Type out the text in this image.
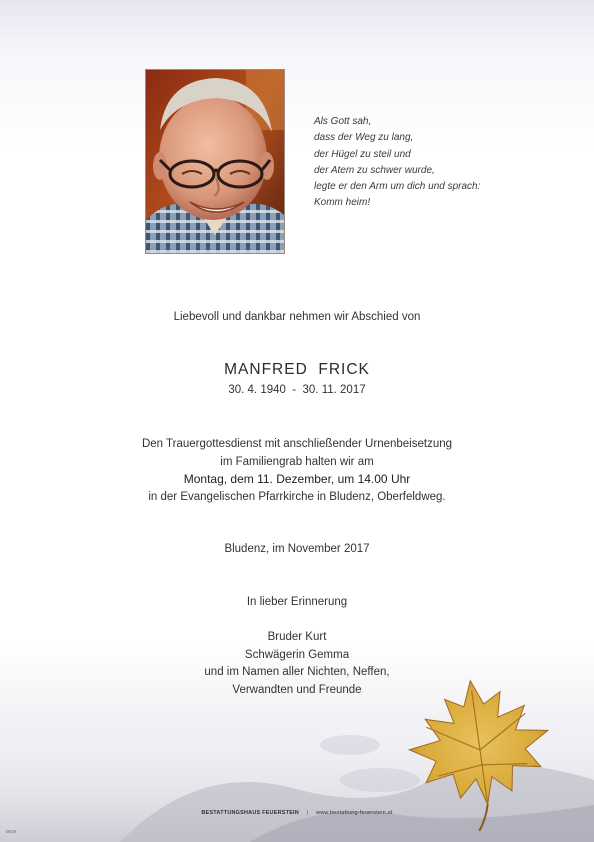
Als Gott sah,
dass der Weg zu lang,
der Hügel zu steil und
der Atem zu schwer wurde,
legte er den Arm um dich und sprach:
Komm heim!
Liebevoll und dankbar nehmen wir Abschied von
MANFRED  FRICK
30. 4. 1940  -  30. 11. 2017
Den Trauergottesdienst mit anschließender Urnenbeisetzung
im Familiengrab halten wir am
Montag, dem 11. Dezember, um 14.00 Uhr
in der Evangelischen Pfarrkirche in Bludenz, Oberfeldweg.
Bludenz, im November 2017
In lieber Erinnerung
Bruder Kurt
Schwägerin Gemma
und im Namen aller Nichten, Neffen,
Verwandten und Freunde
BESTATTUNGSHAUS FEUERSTEIN | www.bestattung-feuerstein.at
0519
